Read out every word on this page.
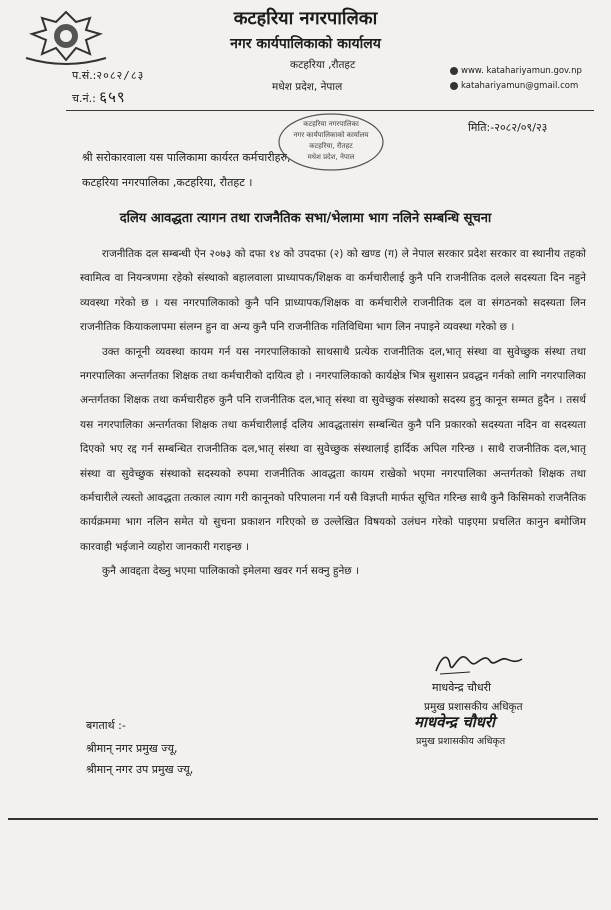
कटहरिया नगरपालिका
नगर कार्यपालिकाको कार्यालय
कटहरिया ,रौतहट
मधेश प्रदेश, नेपाल
प.सं.:२०८२/८३
च.नं.: ६५९
www. katahariyamun.gov.np
katahariyamun@gmail.com
कटहरिया नगरपालिका
नगर कार्यपालिकाको कार्यालय
कटहरिया, रौतहट
मधेश प्रदेश, नेपाल
मिति:-२०८२/०९/२३
श्री सरोकारवाला यस पालिकामा कार्यरत कर्मचारीहरु,
कटहरिया नगरपालिका ,कटहरिया, रौतहट ।
दलिय आवद्धता त्यागन तथा राजनैतिक सभा/भेलामा भाग नलिने सम्बन्धि सूचना

राजनीतिक दल सम्बन्धी ऐन २०७३ को दफा १४ को उपदफा (२) को खण्ड (ग) ले नेपाल सरकार प्रदेश सरकार वा स्थानीय तहको स्वामित्व वा नियन्त्रणमा रहेको संस्थाको बहालवाला प्राध्यापक/शिक्षक वा कर्मचारीलाई कुनै पनि राजनीतिक दलले सदस्यता दिन नहुने व्यवस्था गरेको छ । यस नगरपालिकाको कुनै पनि प्राध्यापक/शिक्षक वा कर्मचारीले राजनीतिक दल वा संगठनको सदस्यता लिन राजनीतिक कियाकलापमा संलग्न हुन वा अन्य कुनै पनि राजनीतिक गतिविधिमा भाग लिन नपाइने व्यवस्था गरेको छ ।

उक्त कानूनी व्यवस्था कायम गर्न यस नगरपालिकाको साथसाथै प्रत्येक राजनीतिक दल,भातृ संस्था वा सुवेच्छुक संस्था तथा नगरपालिका अन्तर्गतका शिक्षक तथा कर्मचारीको दायित्व हो । नगरपालिकाको कार्यक्षेत्र भित्र सुशासन प्रवद्धन गर्नको लागि नगरपालिका अन्तर्गतका शिक्षक तथा कर्मचारीहरु कुनै पनि राजनीतिक दल,भातृ संस्था वा सुवेच्छुक संस्थाको सदस्य हुनु कानून सम्मत हुदैन । तसर्थ यस नगरपालिका अन्तर्गतका शिक्षक तथा कर्मचारीलाई दलिय आवद्धतासंग सम्बन्धित कुनै पनि प्रकारको सदस्यता नदिन वा सदस्यता दिएको भए रद्द गर्न सम्बन्धित राजनीतिक दल,भातृ संस्था वा सुवेच्छुक संस्थालाई हार्दिक अपिल गरिन्छ । साथै राजनीतिक दल,भातृ संस्था वा सुवेच्छुक संस्थाको सदस्यको रुपमा राजनीतिक आवद्धता कायम राखेको भएमा नगरपालिका अन्तर्गतको शिक्षक तथा कर्मचारीले त्यस्तो आवद्धता तत्काल त्याग गरी कानूनको परिपालना गर्न यसै विज्ञप्ती मार्फत सूचित गरिन्छ साथै कुनै किसिमको राजनैतिक कार्यक्रममा भाग नलिन समेत यो सुचना प्रकाशन गरिएको छ उल्लेखित विषयको उलंघन गरेको पाइएमा प्रचलित कानुन बमोजिम कारवाही भईजाने व्यहोरा जानकारी गराइन्छ ।

कुनै आवद्दता देख्नु भएमा पालिकाको इमेलमा खवर गर्न सक्नु हुनेछ ।

माधवेन्द्र चौधरी
प्रमुख प्रशासकीय अधिकृत
माधवेन्द्र चौधरी
प्रमुख प्रशासकीय अधिकृत
बगतार्थ :-
श्रीमान् नगर प्रमुख ज्यू,
श्रीमान् नगर उप प्रमुख ज्यू,
